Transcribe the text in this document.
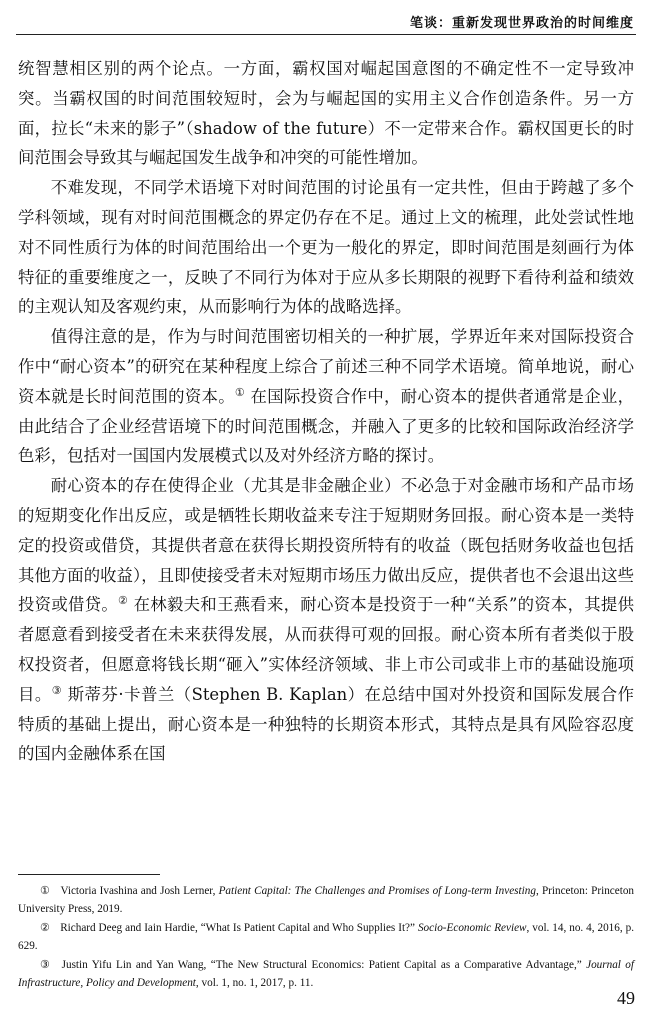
笔谈：重新发现世界政治的时间维度

统智慧相区别的两个论点。一方面，霸权国对崛起国意图的不确定性不一定导致冲突。当霸权国的时间范围较短时，会为与崛起国的实用主义合作创造条件。另一方面，拉长“未来的影子”（shadow of the future）不一定带来合作。霸权国更长的时间范围会导致其与崛起国发生战争和冲突的可能性增加。

不难发现，不同学术语境下对时间范围的讨论虽有一定共性，但由于跨越了多个学科领域，现有对时间范围概念的界定仍存在不足。通过上文的梳理，此处尝试性地对不同性质行为体的时间范围给出一个更为一般化的界定，即时间范围是刻画行为体特征的重要维度之一，反映了不同行为体对于应从多长期限的视野下看待利益和绩效的主观认知及客观约束，从而影响行为体的战略选择。

值得注意的是，作为与时间范围密切相关的一种扩展，学界近年来对国际投资合作中“耐心资本”的研究在某种程度上综合了前述三种不同学术语境。简单地说，耐心资本就是长时间范围的资本。① 在国际投资合作中，耐心资本的提供者通常是企业，由此结合了企业经营语境下的时间范围概念，并融入了更多的比较和国际政治经济学色彩，包括对一国国内发展模式以及对外经济方略的探讨。

耐心资本的存在使得企业（尤其是非金融企业）不必急于对金融市场和产品市场的短期变化作出反应，或是牺牲长期收益来专注于短期财务回报。耐心资本是一类特定的投资或借贷，其提供者意在获得长期投资所特有的收益（既包括财务收益也包括其他方面的收益），且即使接受者未对短期市场压力做出反应，提供者也不会退出这些投资或借贷。② 在林毅夫和王燕看来，耐心资本是投资于一种“关系”的资本，其提供者愿意看到接受者在未来获得发展，从而获得可观的回报。耐心资本所有者类似于股权投资者，但愿意将钱长期“砸入”实体经济领域、非上市公司或非上市的基础设施项目。③ 斯蒂芬·卡普兰（Stephen B. Kaplan）在总结中国对外投资和国际发展合作特质的基础上提出，耐心资本是一种独特的长期资本形式，其特点是具有风险容忍度的国内金融体系在国

① Victoria Ivashina and Josh Lerner, Patient Capital: The Challenges and Promises of Long-term Investing, Princeton: Princeton University Press, 2019.

② Richard Deeg and Iain Hardie, “What Is Patient Capital and Who Supplies It?” Socio-Economic Review, vol. 14, no. 4, 2016, p. 629.

③ Justin Yifu Lin and Yan Wang, “The New Structural Economics: Patient Capital as a Comparative Advantage,” Journal of Infrastructure, Policy and Development, vol. 1, no. 1, 2017, p. 11.

49
